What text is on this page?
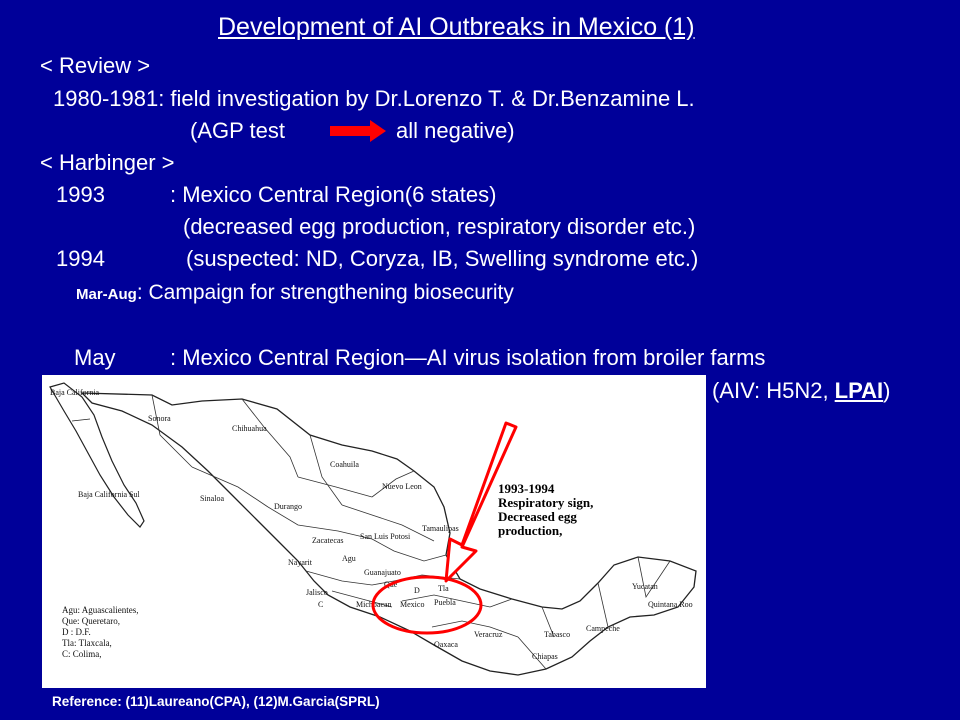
Development of AI Outbreaks in Mexico (1)
< Review >
1980-1981: field investigation by Dr.Lorenzo T. & Dr.Benzamine L.
(AGP test	all negative)
< Harbinger >
1993	: Mexico Central Region(6 states)
(decreased egg production, respiratory disorder etc.)
1994	(suspected: ND, Coryza, IB, Swelling syndrome etc.)
Mar-Aug: Campaign for strengthening biosecurity
May : Mexico Central Region—AI virus isolation from broiler farms
(AIV: H5N2, LPAI)
Baja California
Sonora
Chihuahua
Coahuila
Baja California Sul	Sinaloa
Durango
Nuevo Leon
Tamaulipas
Zacatecas San Luis Potosi
Nayarit	Agu
Guanajuato
Jalisco
Michoacan Mexico Puebla
Veracruz	Tabasco
Campeche
Yucatan
Quintana Roo
Oaxaca
Chiapas
C
D
Que	Tla
Agu: Aguascalientes,
Que: Queretaro,
D : D.F.
Tla: Tlaxcala,
C: Colima,
1993-1994
Respiratory sign,
Decreased egg
production,
Reference: (11)Laureano(CPA), (12)M.Garcia(SPRL)
